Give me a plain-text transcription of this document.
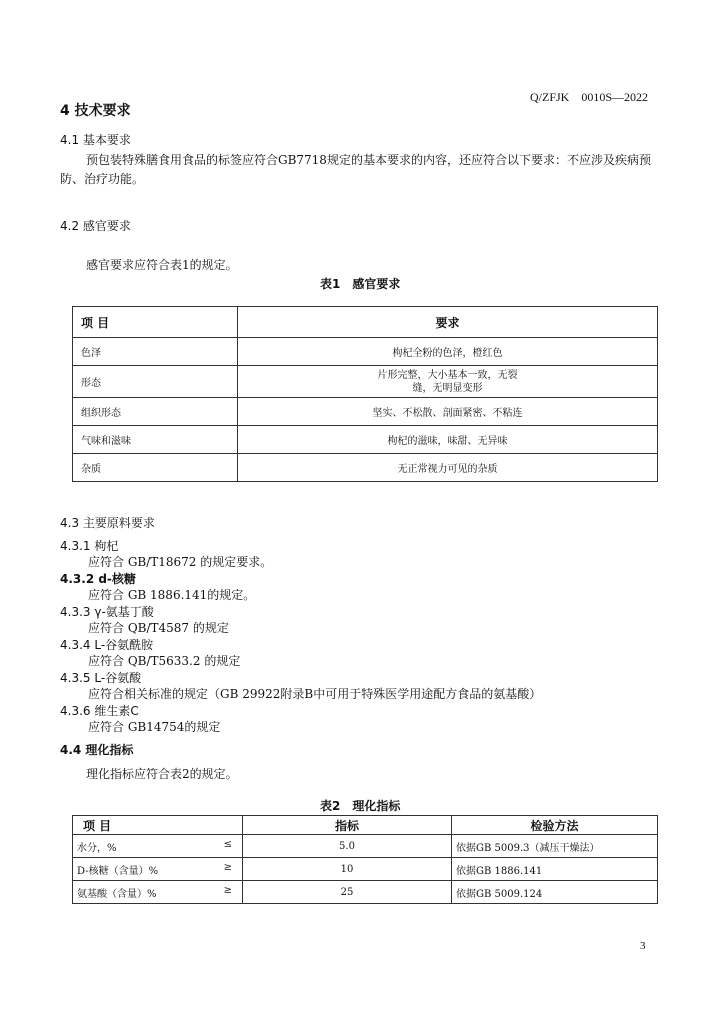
Q/ZFJK　0010S—2022
4 技术要求
4.1 基本要求
预包装特殊膳食用食品的标签应符合GB7718规定的基本要求的内容，还应符合以下要求：不应涉及疾病预防、治疗功能。
4.2 感官要求
感官要求应符合表1的规定。
表1　感官要求
项 目	要求
色泽	枸杞全粉的色泽，橙红色
形态	片形完整，大小基本一致，无裂
缝，无明显变形

组织形态	坚实、不松散、剖面紧密、不粘连
气味和滋味	枸杞的滋味，味甜、无异味
杂质	无正常视力可见的杂质
4.3 主要原料要求
4.3.1 枸杞
应符合 GB/T18672 的规定要求。
4.3.2 d-核糖
应符合 GB 1886.141的规定。
4.3.3 γ-氨基丁酸
应符合 QB/T4587 的规定
4.3.4 L-谷氨酰胺
应符合 QB/T5633.2 的规定
4.3.5 L-谷氨酸
应符合相关标准的规定（GB 29922附录B中可用于特殊医学用途配方食品的氨基酸）
4.3.6 维生素C
应符合 GB14754的规定
4.4 理化指标
理化指标应符合表2的规定。
表2　理化指标
项 目	指标	检验方法
水分，% ≤	5.0	依据GB 5009.3（减压干燥法）
D-核糖（含量）% ≥	10	依据GB 1886.141
氨基酸（含量）% ≥	25	依据GB 5009.124
3
